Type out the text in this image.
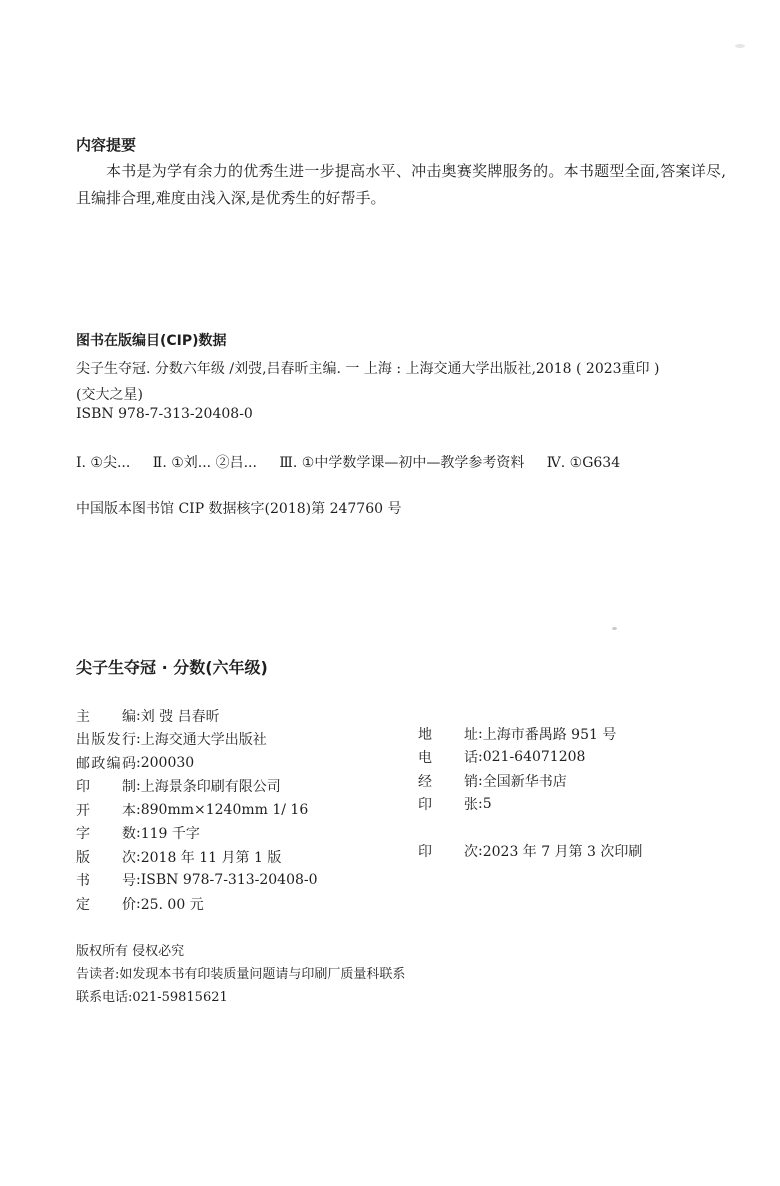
内容提要
本书是为学有余力的优秀生进一步提高水平、冲击奥赛奖牌服务的。本书题型全面,答案详尽,且编排合理,难度由浅入深,是优秀生的好帮手。
图书在版编目(CIP)数据
尖子生夺冠. 分数六年级 /刘弢,吕春昕主编. 一 上海 : 上海交通大学出版社,2018 ( 2023重印 )
(交大之星)
ISBN 978-7-313-20408-0
Ⅰ. ①尖... Ⅱ. ①刘... ②吕... Ⅲ. ①中学数学课—初中—教学参考资料 Ⅳ. ①G634
中国版本图书馆 CIP 数据核字(2018)第 247760 号
尖子生夺冠 · 分数(六年级)
主编 : 刘 弢 吕春昕
出版发行 : 上海交通大学出版社
邮政编码 : 200030
印制 : 上海景条印刷有限公司
开本 : 890mm×1240mm 1/ 16
字数 : 119 千字
版次 : 2018 年 11 月第 1 版
书号 : ISBN 978-7-313-20408-0
定价 : 25. 00 元
地址 : 上海市番禺路 951 号
电话 : 021-64071208
经销 : 全国新华书店
印张 : 5
印次 : 2023 年 7 月第 3 次印刷
版权所有 侵权必究
告读者:如发现本书有印装质量问题请与印刷厂质量科联系
联系电话:021-59815621
